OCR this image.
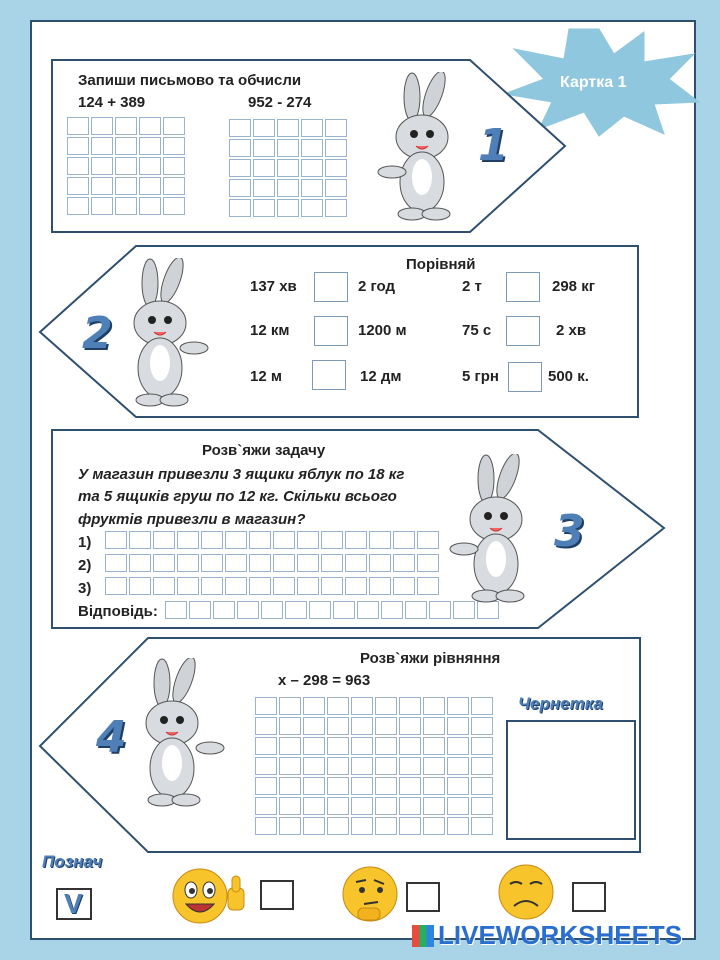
Картка 1
Запиши письмово та обчисли
124 + 389	952 - 274
1
2
Порівняй
137 хв	2 год	2 т	298 кг
12 км	1200 м	75 с	2 хв
12 м	12 дм	5 грн	500 к.
Розв`яжи задачу
У магазин привезли 3 ящики яблук по 18 кг
та 5 ящиків груш по 12 кг. Скільки всього
фруктів привезли в магазин?
1)
2)
3)
Відповідь:
3
Розв`яжи рівняння
x – 298 = 963
Чернетка
4
Познач
V
LIVEWORKSHEETS
